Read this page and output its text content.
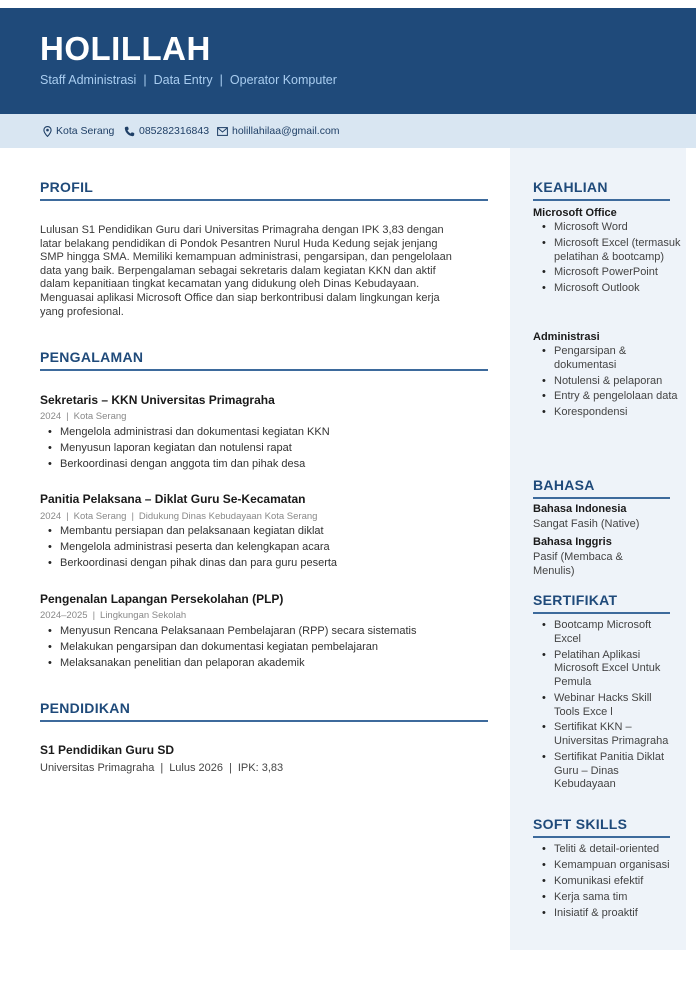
HOLILLAH
Staff Administrasi | Data Entry | Operator Komputer
Kota Serang 085282316843 holillahilaa@gmail.com
PROFIL
Lulusan S1 Pendidikan Guru dari Universitas Primagraha dengan IPK 3,83 dengan
latar belakang pendidikan di Pondok Pesantren Nurul Huda Kedung sejak jenjang
SMP hingga SMA. Memiliki kemampuan administrasi, pengarsipan, dan pengelolaan
data yang baik. Berpengalaman sebagai sekretaris dalam kegiatan KKN dan aktif
dalam kepanitiaan tingkat kecamatan yang didukung oleh Dinas Kebudayaan.
Menguasai aplikasi Microsoft Office dan siap berkontribusi dalam lingkungan kerja
yang profesional.
PENGALAMAN
Sekretaris – KKN Universitas Primagraha
2024 | Kota Serang
• Mengelola administrasi dan dokumentasi kegiatan KKN
• Menyusun laporan kegiatan dan notulensi rapat
• Berkoordinasi dengan anggota tim dan pihak desa
Panitia Pelaksana – Diklat Guru Se-Kecamatan
2024 | Kota Serang | Didukung Dinas Kebudayaan Kota Serang
• Membantu persiapan dan pelaksanaan kegiatan diklat
• Mengelola administrasi peserta dan kelengkapan acara
• Berkoordinasi dengan pihak dinas dan para guru peserta
Pengenalan Lapangan Persekolahan (PLP)
2024–2025 | Lingkungan Sekolah
• Menyusun Rencana Pelaksanaan Pembelajaran (RPP) secara sistematis
• Melakukan pengarsipan dan dokumentasi kegiatan pembelajaran
• Melaksanakan penelitian dan pelaporan akademik
PENDIDIKAN
S1 Pendidikan Guru SD
Universitas Primagraha | Lulus 2026 | IPK: 3,83
KEAHLIAN
Microsoft Office
• Microsoft Word
• Microsoft Excel (termasuk pelatihan & bootcamp)
• Microsoft PowerPoint
• Microsoft Outlook
Administrasi
• Pengarsipan & dokumentasi
• Notulensi & pelaporan
• Entry & pengelolaan data
• Korespondensi
BAHASA
Bahasa Indonesia
Sangat Fasih (Native)
Bahasa Inggris
Pasif (Membaca & Menulis)
SERTIFIKAT
• Bootcamp Microsoft Excel
• Pelatihan Aplikasi Microsoft Excel Untuk Pemula
• Webinar Hacks Skill Tools Exce l
• Sertifikat KKN – Universitas Primagraha
• Sertifikat Panitia Diklat Guru – Dinas Kebudayaan
SOFT SKILLS
• Teliti & detail-oriented
• Kemampuan organisasi
• Komunikasi efektif
• Kerja sama tim
• Inisiatif & proaktif
